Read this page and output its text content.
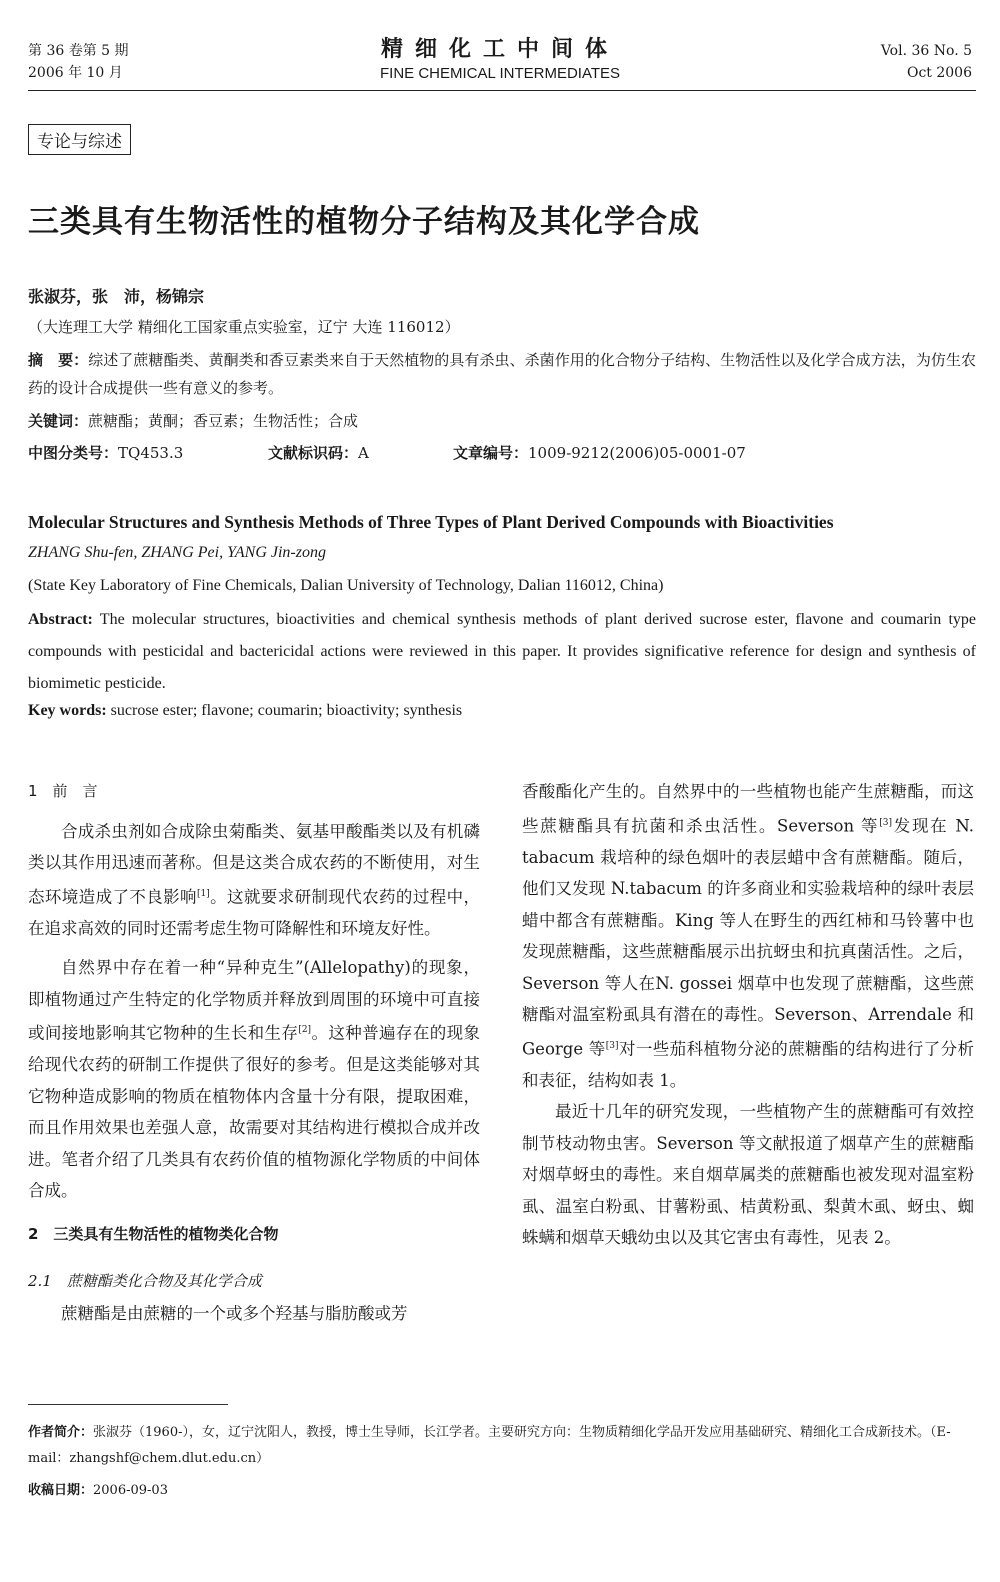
第 36 卷第 5 期
2006 年 10 月
精细化工中间体
FINE CHEMICAL INTERMEDIATES
Vol. 36 No. 5
Oct 2006
专论与综述
三类具有生物活性的植物分子结构及其化学合成
张淑芬，张　沛，杨锦宗
（大连理工大学 精细化工国家重点实验室，辽宁 大连 116012）
摘　要：综述了蔗糖酯类、黄酮类和香豆素类来自于天然植物的具有杀虫、杀菌作用的化合物分子结构、生物活性以及化学合成方法，为仿生农药的设计合成提供一些有意义的参考。
关键词：蔗糖酯；黄酮；香豆素；生物活性；合成
中图分类号：TQ453.3	文献标识码：A	文章编号：1009-9212(2006)05-0001-07
Molecular Structures and Synthesis Methods of Three Types of Plant Derived Compounds with Bioactivities
ZHANG Shu-fen, ZHANG Pei, YANG Jin-zong
(State Key Laboratory of Fine Chemicals, Dalian University of Technology, Dalian 116012, China)
Abstract: The molecular structures, bioactivities and chemical synthesis methods of plant derived sucrose ester, flavone and coumarin type compounds with pesticidal and bactericidal actions were reviewed in this paper. It provides significative reference for design and synthesis of biomimetic pesticide.
Key words: sucrose ester; flavone; coumarin; bioactivity; synthesis
1　前　言

合成杀虫剂如合成除虫菊酯类、氨基甲酸酯类以及有机磷类以其作用迅速而著称。但是这类合成农药的不断使用，对生态环境造成了不良影响[1]。这就要求研制现代农药的过程中，在追求高效的同时还需考虑生物可降解性和环境友好性。

自然界中存在着一种“异种克生”(Allelopathy)的现象，即植物通过产生特定的化学物质并释放到周围的环境中可直接或间接地影响其它物种的生长和生存[2]。这种普遍存在的现象给现代农药的研制工作提供了很好的参考。但是这类能够对其它物种造成影响的物质在植物体内含量十分有限，提取困难，而且作用效果也差强人意，故需要对其结构进行模拟合成并改进。笔者介绍了几类具有农药价值的植物源化学物质的中间体合成。

2　三类具有生物活性的植物类化合物
2.1　蔗糖酯类化合物及其化学合成

蔗糖酯是由蔗糖的一个或多个羟基与脂肪酸或芳

香酸酯化产生的。自然界中的一些植物也能产生蔗糖酯，而这些蔗糖酯具有抗菌和杀虫活性。Severson 等[3]发现在 N. tabacum 栽培种的绿色烟叶的表层蜡中含有蔗糖酯。随后，他们又发现 N.tabacum 的许多商业和实验栽培种的绿叶表层蜡中都含有蔗糖酯。King 等人在野生的西红柿和马铃薯中也发现蔗糖酯，这些蔗糖酯展示出抗蚜虫和抗真菌活性。之后，Severson 等人在N. gossei 烟草中也发现了蔗糖酯，这些蔗糖酯对温室粉虱具有潜在的毒性。Severson、Arrendale 和 George 等[3]对一些茄科植物分泌的蔗糖酯的结构进行了分析和表征，结构如表 1。

最近十几年的研究发现，一些植物产生的蔗糖酯可有效控制节枝动物虫害。Severson 等文献报道了烟草产生的蔗糖酯对烟草蚜虫的毒性。来自烟草属类的蔗糖酯也被发现对温室粉虱、温室白粉虱、甘薯粉虱、桔黄粉虱、梨黄木虱、蚜虫、蜘蛛螨和烟草天蛾幼虫以及其它害虫有毒性，见表 2。

作者简介：张淑芬（1960-），女，辽宁沈阳人，教授，博士生导师，长江学者。主要研究方向：生物质精细化学品开发应用基础研究、精细化工合成新技术。（E-mail：zhangshf@chem.dlut.edu.cn）
收稿日期：2006-09-03
